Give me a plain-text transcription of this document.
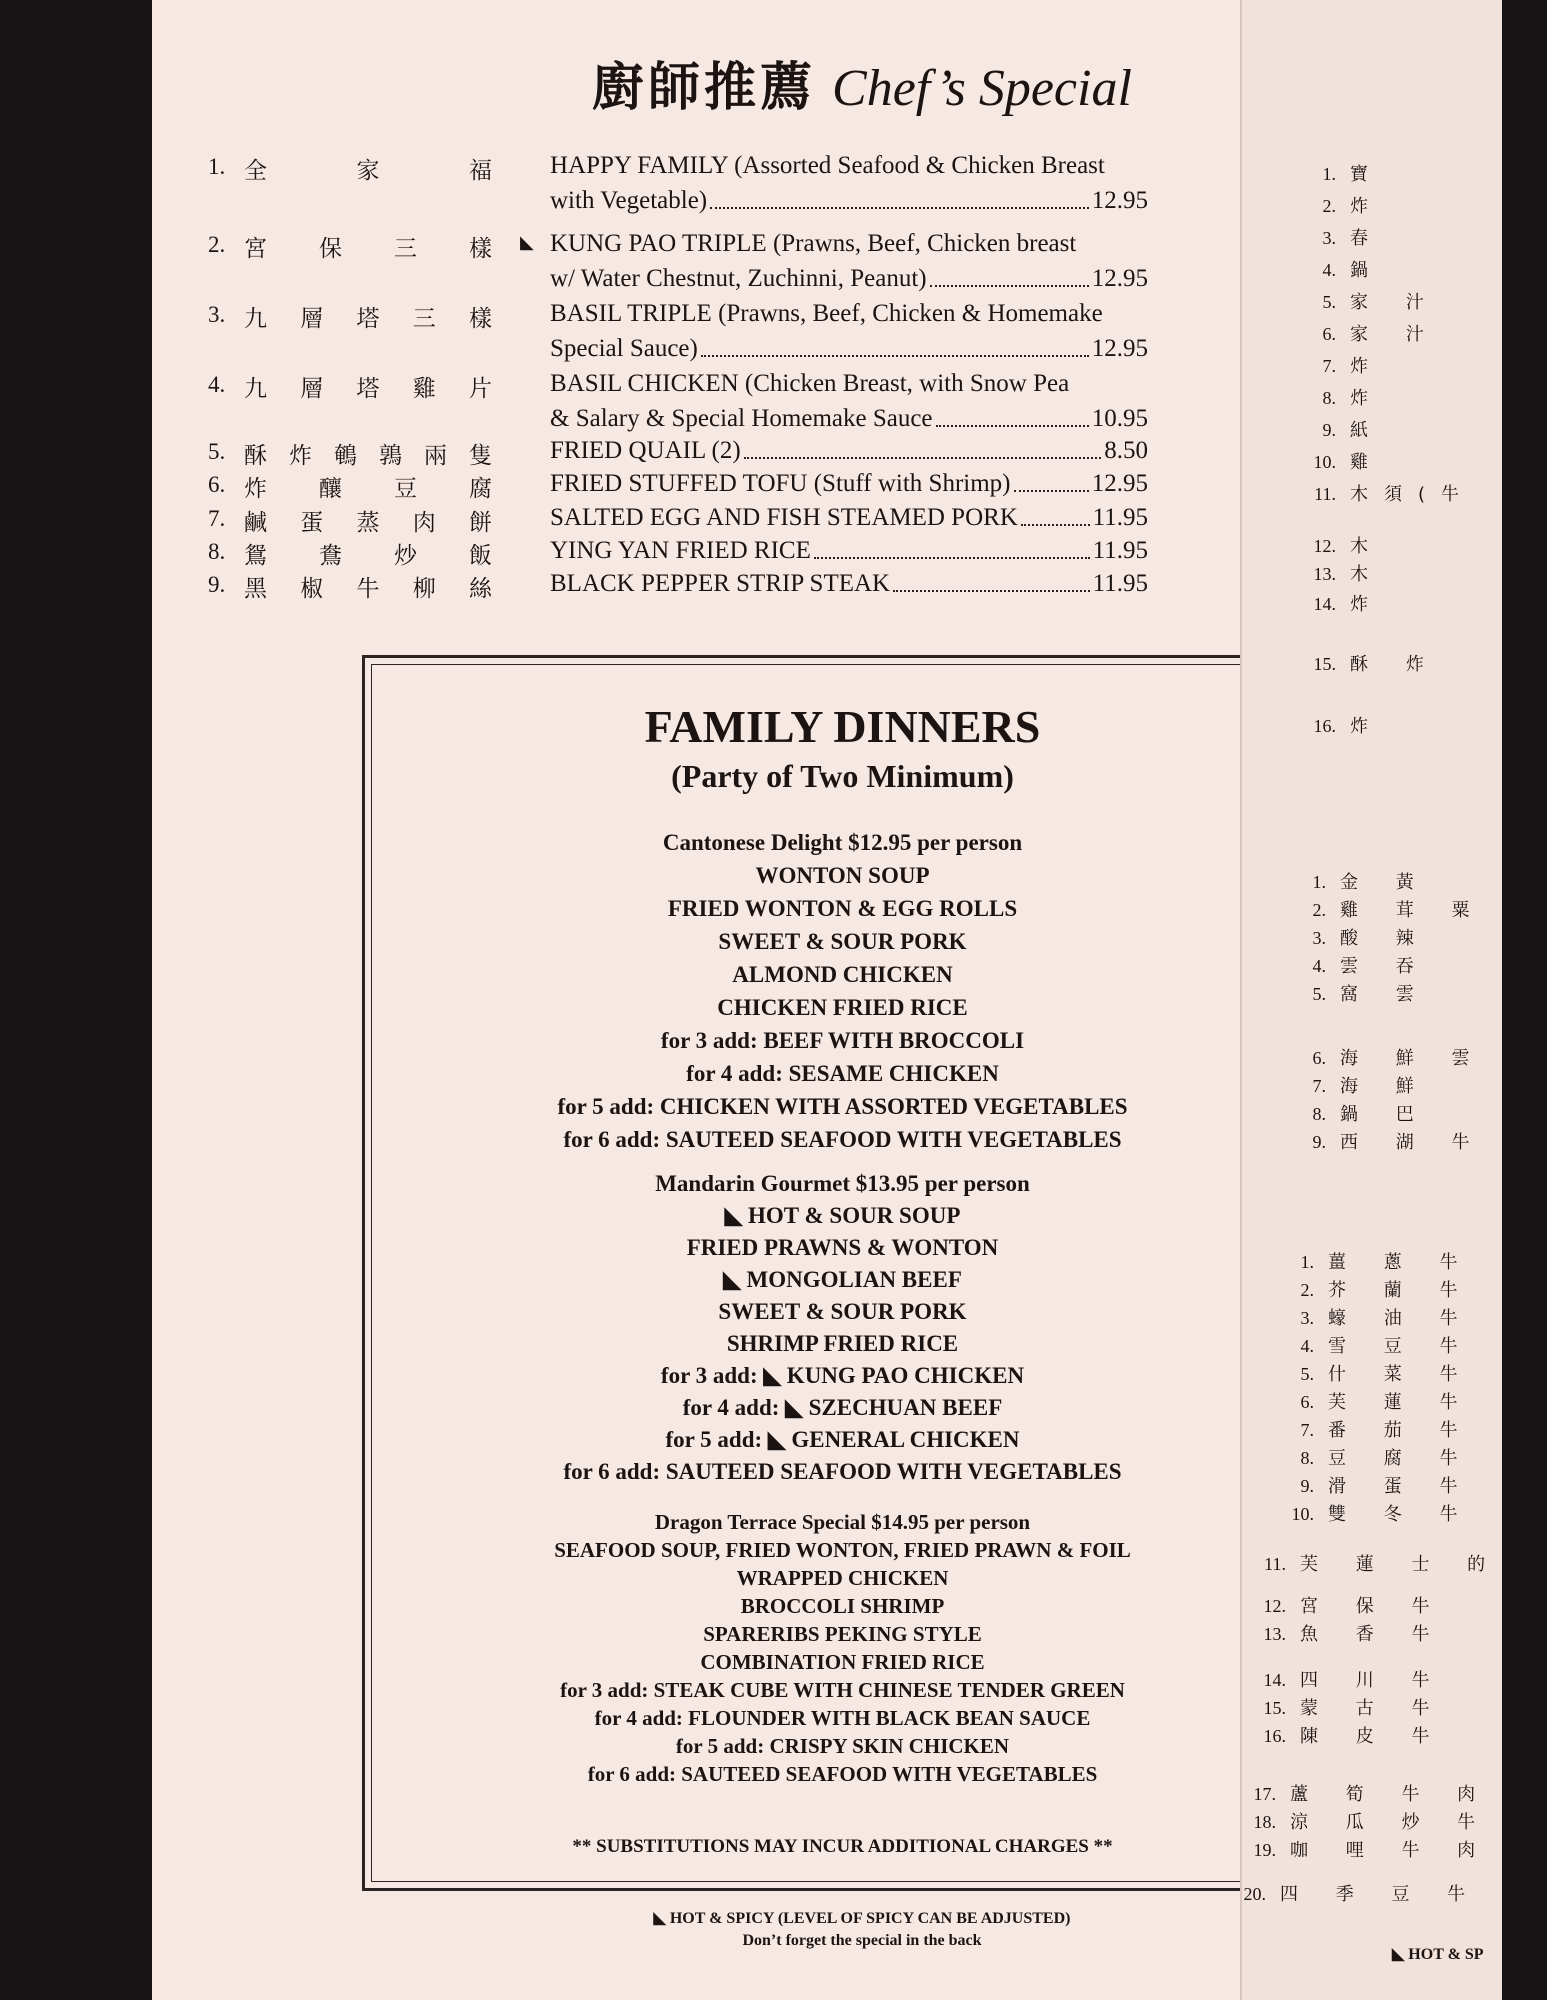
廚師推薦 Chef’s Special
1. 全	家	福 HAPPY FAMILY (Assorted Seafood & Chicken Breast
with Vegetable)	12.95
2. 宮 保 三 樣 ◣ KUNG PAO TRIPLE (Prawns, Beef, Chicken breast
w/ Water Chestnut, Zuchinni, Peanut)	12.95
3. 九 層 塔 三 樣 BASIL TRIPLE (Prawns, Beef, Chicken & Homemake
Special Sauce)	12.95
4. 九 層 塔 雞 片 BASIL CHICKEN (Chicken Breast, with Snow Pea
& Salary & Special Homemake Sauce	10.95
5. 酥 炸 鵪 鶉 兩 隻 FRIED QUAIL (2)	8.50
6. 炸 釀 豆 腐 FRIED STUFFED TOFU (Stuff with Shrimp)	12.95
7. 鹹 蛋 蒸 肉 餅 SALTED EGG AND FISH STEAMED PORK	11.95
8. 鴛 鴦 炒 飯 YING YAN FRIED RICE	11.95
9. 黑 椒 牛 柳 絲 BLACK PEPPER STRIP STEAK	11.95
FAMILY DINNERS
(Party of Two Minimum)
Cantonese Delight $12.95 per person
WONTON SOUP
FRIED WONTON & EGG ROLLS
SWEET & SOUR PORK
ALMOND CHICKEN
CHICKEN FRIED RICE
for 3 add: BEEF WITH BROCCOLI
for 4 add: SESAME CHICKEN
for 5 add: CHICKEN WITH ASSORTED VEGETABLES
for 6 add: SAUTEED SEAFOOD WITH VEGETABLES
Mandarin Gourmet $13.95 per person
◣ HOT & SOUR SOUP
FRIED PRAWNS & WONTON
◣ MONGOLIAN BEEF
SWEET & SOUR PORK
SHRIMP FRIED RICE
for 3 add: ◣ KUNG PAO CHICKEN
for 4 add: ◣ SZECHUAN BEEF
for 5 add: ◣ GENERAL CHICKEN
for 6 add: SAUTEED SEAFOOD WITH VEGETABLES
Dragon Terrace Special $14.95 per person
SEAFOOD SOUP, FRIED WONTON, FRIED PRAWN & FOIL
WRAPPED CHICKEN
BROCCOLI SHRIMP
SPARERIBS PEKING STYLE
COMBINATION FRIED RICE
for 3 add: STEAK CUBE WITH CHINESE TENDER GREEN
for 4 add: FLOUNDER WITH BLACK BEAN SAUCE
for 5 add: CRISPY SKIN CHICKEN
for 6 add: SAUTEED SEAFOOD WITH VEGETABLES
** SUBSTITUTIONS MAY INCUR ADDITIONAL CHARGES **
◣ HOT & SPICY (LEVEL OF SPICY CAN BE ADJUSTED)
Don’t forget the special in the back
1. 寶
2. 炸
3. 春
4. 鍋
5. 家 汁
6. 家 汁
7. 炸
8. 炸
9. 紙
10. 雞
11. 木須(牛
12. 木
13. 木
14. 炸
15. 酥 炸
16. 炸
1. 金 黃
2. 雞 茸 粟
3. 酸 辣
4. 雲 吞
5. 窩 雲
6. 海 鮮 雲
7. 海 鮮
8. 鍋 巴
9. 西 湖 牛
1. 薑 蔥 牛
2. 芥 蘭 牛
3. 蠔 油 牛
4. 雪 豆 牛
5. 什 菜 牛
6. 芙 蓮 牛
7. 番 茄 牛
8. 豆 腐 牛
9. 滑 蛋 牛
10. 雙 冬 牛
11. 芙 蓮 士 的
12. 宮 保 牛
13. 魚 香 牛
14. 四 川 牛
15. 蒙 古 牛
16. 陳 皮 牛
17. 蘆 筍 牛 肉
18. 涼 瓜 炒 牛 肉
19. 咖 哩 牛 肉
20. 四 季 豆 牛 肉
◣ HOT & SP
